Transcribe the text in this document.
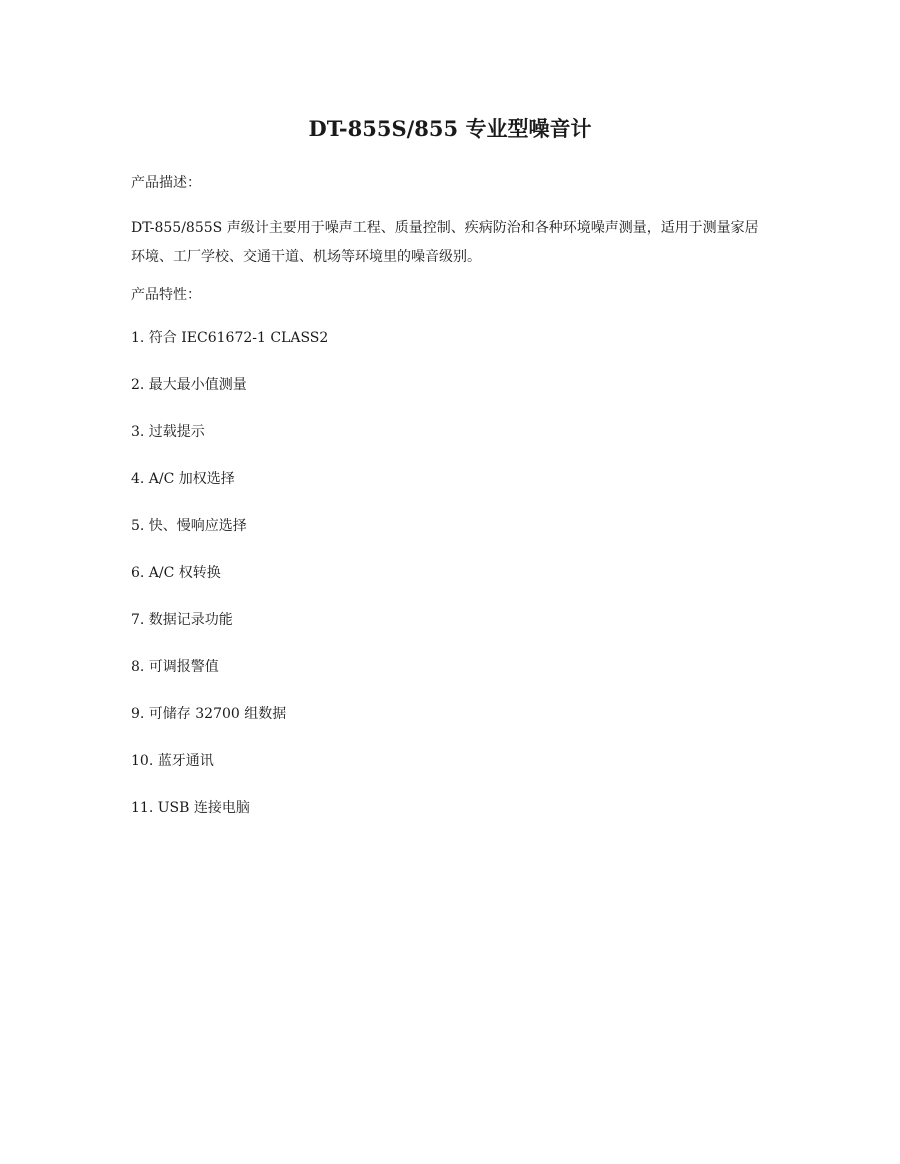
DT-855S/855 专业型噪音计

产品描述：

DT-855/855S 声级计主要用于噪声工程、质量控制、疾病防治和各种环境噪声测量，适用于测量家居环境、工厂学校、交通干道、机场等环境里的噪音级别。

产品特性：

1. 符合 IEC61672-1 CLASS2
2. 最大最小值测量
3. 过载提示
4. A/C 加权选择
5. 快、慢响应选择
6. A/C 权转换
7. 数据记录功能
8. 可调报警值
9. 可储存 32700 组数据
10. 蓝牙通讯
11. USB 连接电脑
